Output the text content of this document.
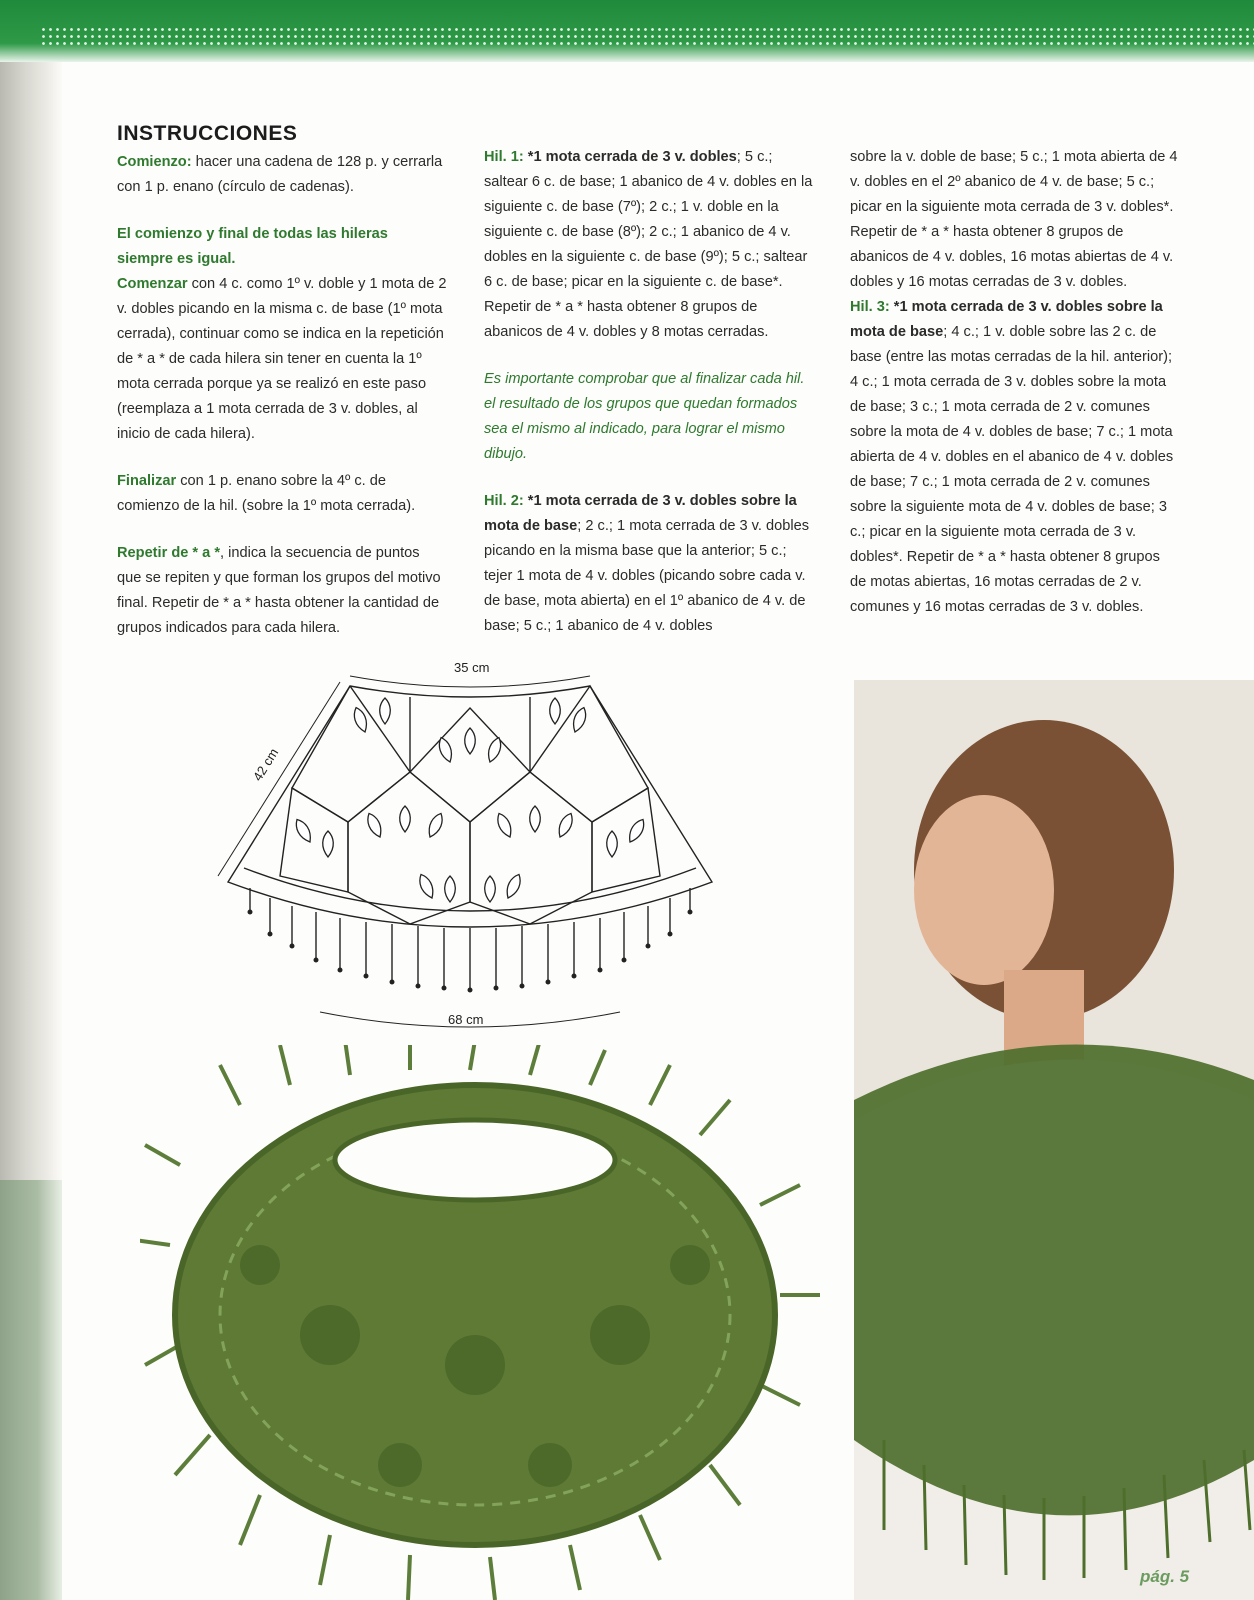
INSTRUCCIONES

Comienzo: hacer una cadena de 128 p. y cerrarla con 1 p. enano (círculo de cadenas).

El comienzo y final de todas las hileras siempre es igual.
Comenzar con 4 c. como 1º v. doble y 1 mota de 2 v. dobles picando en la misma c. de base (1º mota cerrada), continuar como se indica en la repetición de * a * de cada hilera sin tener en cuenta la 1º mota cerrada porque ya se realizó en este paso (reemplaza a 1 mota cerrada de 3 v. dobles, al inicio de cada hilera).

Finalizar con 1 p. enano sobre la 4º c. de comienzo de la hil. (sobre la 1º mota cerrada).

Repetir de * a *, indica la secuencia de puntos que se repiten y que forman los grupos del motivo final. Repetir de * a * hasta obtener la cantidad de grupos indicados para cada hilera.

Hil. 1: *1 mota cerrada de 3 v. dobles; 5 c.; saltear 6 c. de base; 1 abanico de 4 v. dobles en la siguiente c. de base (7º); 2 c.; 1 v. doble en la siguiente c. de base (8º); 2 c.; 1 abanico de 4 v. dobles en la siguiente c. de base (9º); 5 c.; saltear 6 c. de base; picar en la siguiente c. de base*. Repetir de * a * hasta obtener 8 grupos de abanicos de 4 v. dobles y 8 motas cerradas.

Es importante comprobar que al finalizar cada hil. el resultado de los grupos que quedan formados sea el mismo al indicado, para lograr el mismo dibujo.

Hil. 2: *1 mota cerrada de 3 v. dobles sobre la mota de base; 2 c.; 1 mota cerrada de 3 v. dobles picando en la misma base que la anterior; 5 c.; tejer 1 mota de 4 v. dobles (picando sobre cada v. de base, mota abierta) en el 1º abanico de 4 v. de base; 5 c.; 1 abanico de 4 v. dobles

sobre la v. doble de base; 5 c.; 1 mota abierta de 4 v. dobles en el 2º abanico de 4 v. de base; 5 c.; picar en la siguiente mota cerrada de 3 v. dobles*. Repetir de * a * hasta obtener 8 grupos de abanicos de 4 v. dobles, 16 motas abiertas de 4 v. dobles y 16 motas cerradas de 3 v. dobles.

Hil. 3: *1 mota cerrada de 3 v. dobles sobre la mota de base; 4 c.; 1 v. doble sobre las 2 c. de base (entre las motas cerradas de la hil. anterior); 4 c.; 1 mota cerrada de 3 v. dobles sobre la mota de base; 3 c.; 1 mota cerrada de 2 v. comunes sobre la mota de 4 v. dobles de base; 7 c.; 1 mota abierta de 4 v. dobles en el abanico de 4 v. dobles de base; 7 c.; 1 mota cerrada de 2 v. comunes sobre la siguiente mota de 4 v. dobles de base; 3 c.; picar en la siguiente mota cerrada de 3 v. dobles*. Repetir de * a * hasta obtener 8 grupos de motas abiertas, 16 motas cerradas de 2 v. comunes y 16 motas cerradas de 3 v. dobles.

35 cm
42 cm
68 cm
pág. 5
